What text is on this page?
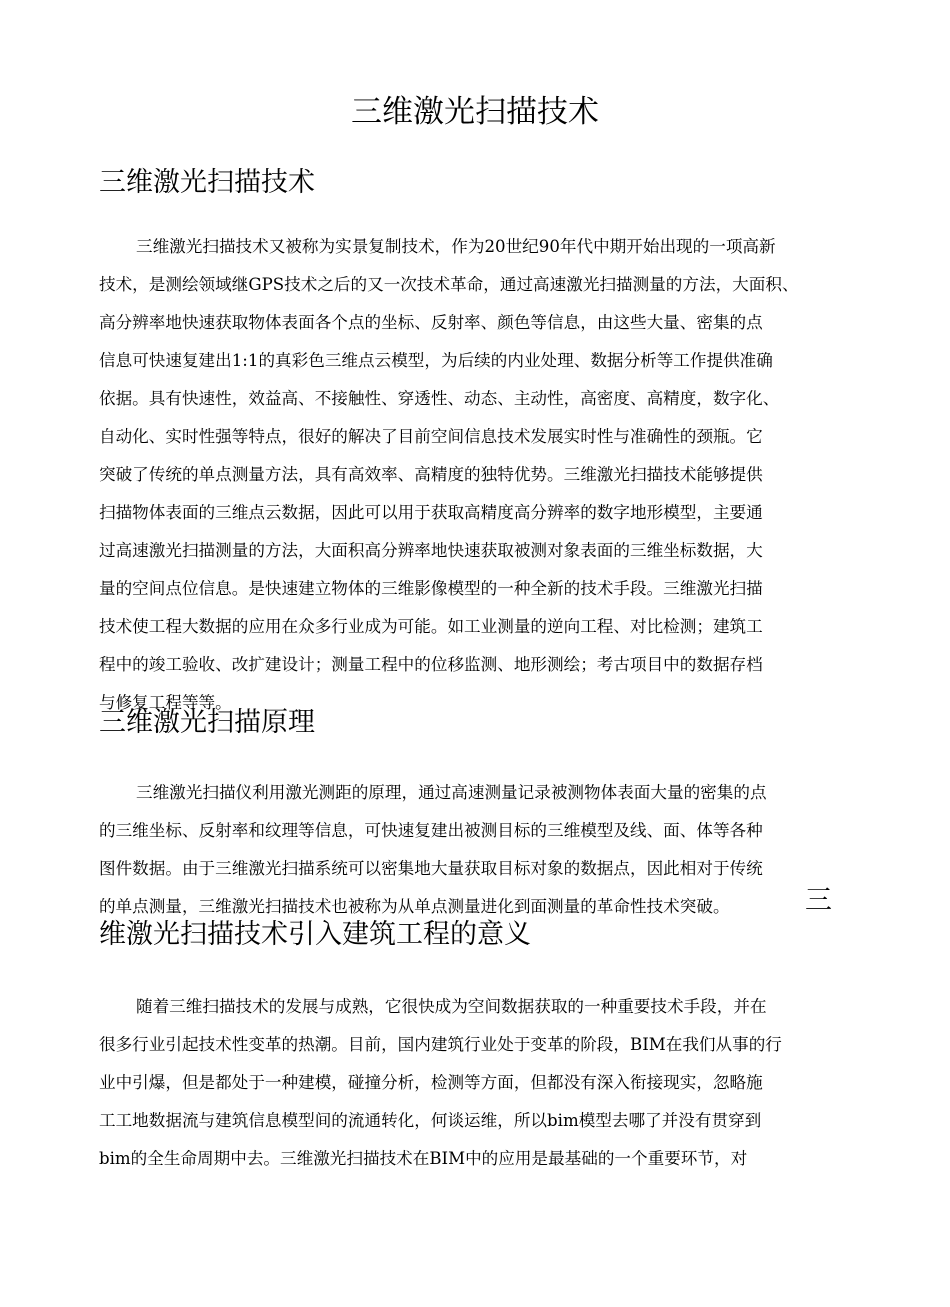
三维激光扫描技术
三维激光扫描技术

三维激光扫描技术又被称为实景复制技术，作为20世纪90年代中期开始出现的一项高新

技术，是测绘领域继GPS技术之后的又一次技术革命，通过高速激光扫描测量的方法，大面积、

高分辨率地快速获取物体表面各个点的坐标、反射率、颜色等信息，由这些大量、密集的点

信息可快速复建出1:1的真彩色三维点云模型，为后续的内业处理、数据分析等工作提供准确

依据。具有快速性，效益高、不接触性、穿透性、动态、主动性，高密度、高精度，数字化、

自动化、实时性强等特点，很好的解决了目前空间信息技术发展实时性与准确性的颈瓶。它

突破了传统的单点测量方法，具有高效率、高精度的独特优势。三维激光扫描技术能够提供

扫描物体表面的三维点云数据，因此可以用于获取高精度高分辨率的数字地形模型，主要通

过高速激光扫描测量的方法，大面积高分辨率地快速获取被测对象表面的三维坐标数据，大

量的空间点位信息。是快速建立物体的三维影像模型的一种全新的技术手段。三维激光扫描

技术使工程大数据的应用在众多行业成为可能。如工业测量的逆向工程、对比检测；建筑工

程中的竣工验收、改扩建设计；测量工程中的位移监测、地形测绘；考古项目中的数据存档

与修复工程等等。

三维激光扫描原理

三维激光扫描仪利用激光测距的原理，通过高速测量记录被测物体表面大量的密集的点

的三维坐标、反射率和纹理等信息，可快速复建出被测目标的三维模型及线、面、体等各种

图件数据。由于三维激光扫描系统可以密集地大量获取目标对象的数据点，因此相对于传统

的单点测量，三维激光扫描技术也被称为从单点测量进化到面测量的革命性技术突破。	三
维激光扫描技术引入建筑工程的意义

随着三维扫描技术的发展与成熟，它很快成为空间数据获取的一种重要技术手段，并在

很多行业引起技术性变革的热潮。目前，国内建筑行业处于变革的阶段，BIM在我们从事的行

业中引爆，但是都处于一种建模，碰撞分析，检测等方面，但都没有深入衔接现实，忽略施

工工地数据流与建筑信息模型间的流通转化，何谈运维，所以bim模型去哪了并没有贯穿到

bim的全生命周期中去。三维激光扫描技术在BIM中的应用是最基础的一个重要环节，对
